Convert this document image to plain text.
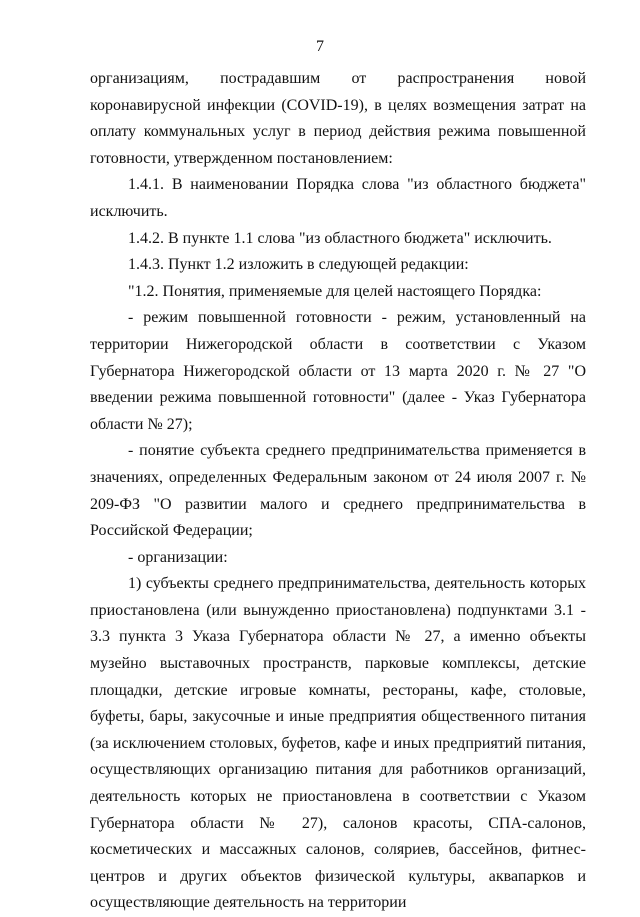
7

организациям, пострадавшим от распространения новой коронавирусной инфекции (COVID-19), в целях возмещения затрат на оплату коммунальных услуг в период действия режима повышенной готовности, утвержденном постановлением:

1.4.1. В наименовании Порядка слова "из областного бюджета" исключить.

1.4.2. В пункте 1.1 слова "из областного бюджета" исключить.

1.4.3. Пункт 1.2 изложить в следующей редакции:

"1.2. Понятия, применяемые для целей настоящего Порядка:

- режим повышенной готовности - режим, установленный на территории Нижегородской области в соответствии с Указом Губернатора Нижегородской области от 13 марта 2020 г. № 27 "О введении режима повышенной готовности" (далее - Указ Губернатора области № 27);

- понятие субъекта среднего предпринимательства применяется в значениях, определенных Федеральным законом от 24 июля 2007 г. № 209-ФЗ "О развитии малого и среднего предпринимательства в Российской Федерации;

- организации:

1) субъекты среднего предпринимательства, деятельность которых приостановлена (или вынужденно приостановлена) подпунктами 3.1 - 3.3 пункта 3 Указа Губернатора области № 27, а именно объекты музейно выставочных пространств, парковые комплексы, детские площадки, детские игровые комнаты, рестораны, кафе, столовые, буфеты, бары, закусочные и иные предприятия общественного питания (за исключением столовых, буфетов, кафе и иных предприятий питания, осуществляющих организацию питания для работников организаций, деятельность которых не приостановлена в соответствии с Указом Губернатора области № 27), салонов красоты, СПА-салонов, косметических и массажных салонов, соляриев, бассейнов, фитнес-центров и других объектов физической культуры, аквапарков и осуществляющие деятельность на территории
